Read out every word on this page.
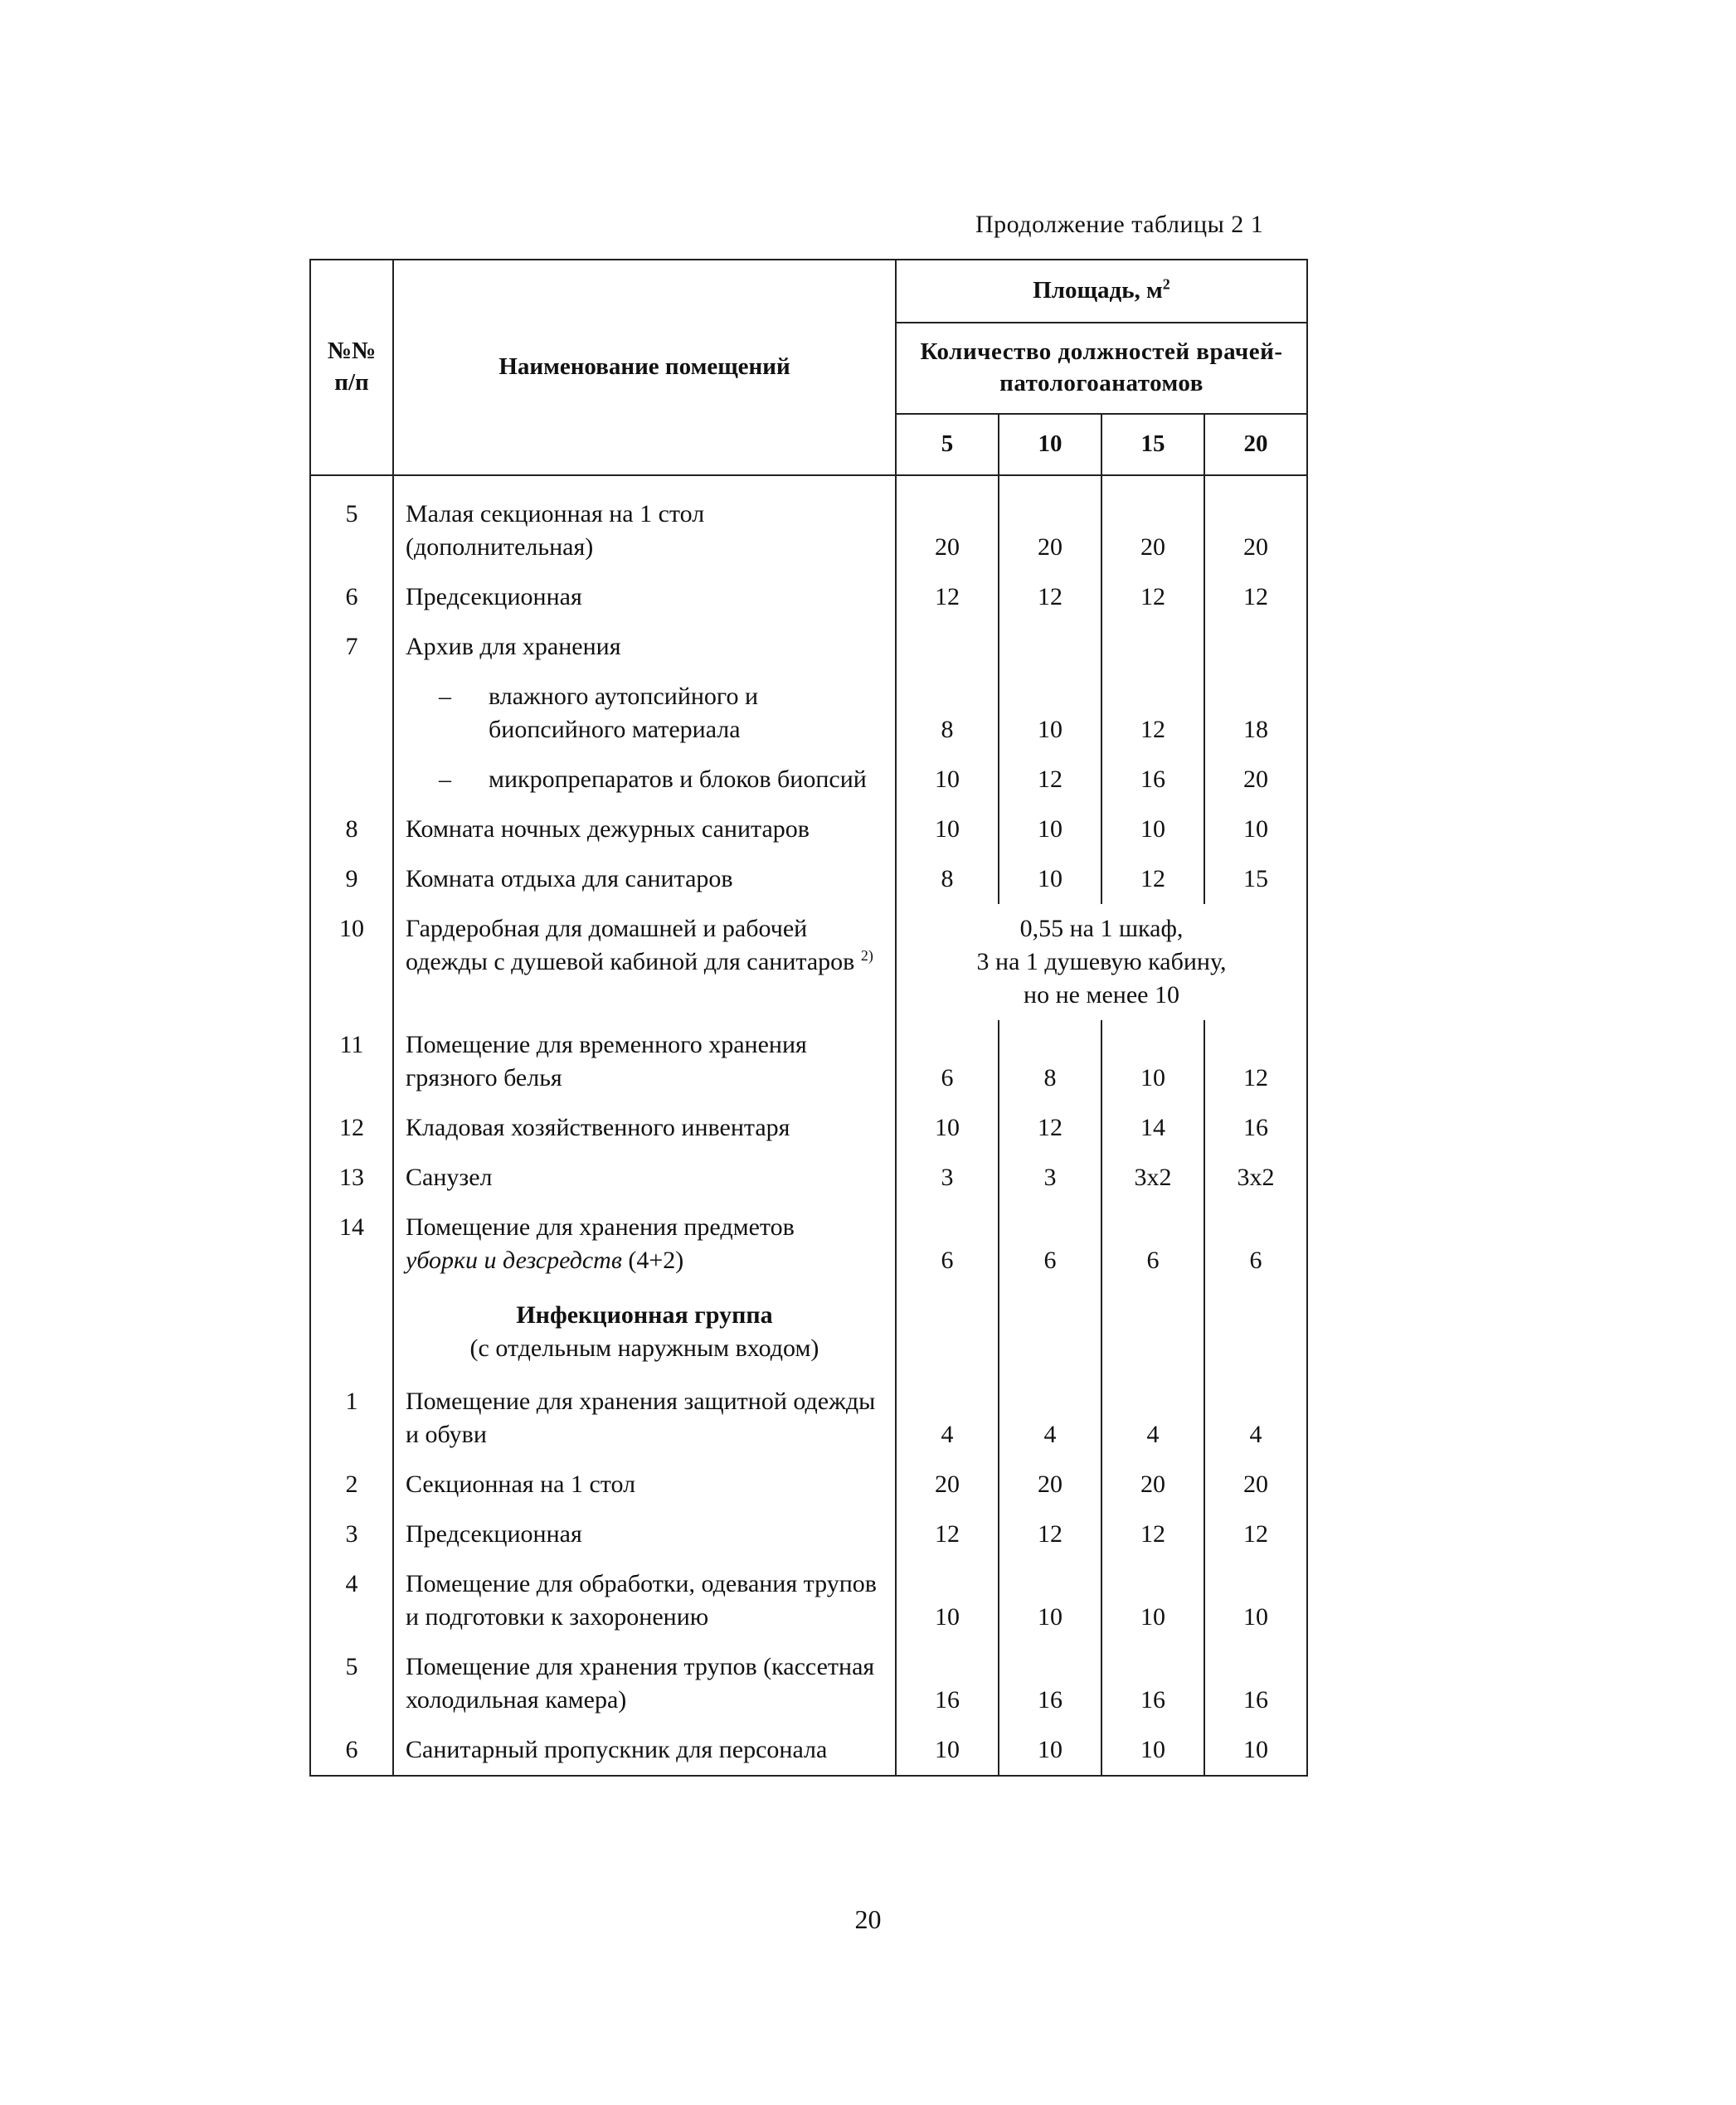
Продолжение таблицы 2 1
№№ п/п	Наименование помещений	Площадь, $м^2$
		Количество должностей врачей-патологоанатомов			
		5	10	15	20

5	Малая секционная на 1 стол (дополнительная)	20	20	20	20
6	Предсекционная	12	12	12	12
7	Архив для хранения				

	– влажного аутопсийного и биопсийного материала	8	10	12	18

	– микропрепаратов и блоков биопсий	10	12	16	20
8	Комната ночных дежурных санитаров	10	10	10	10
9	Комната отдыха для санитаров	8	10	12	15
10	Гардеробная для домашней и рабочей одежды с душевой кабиной для санитаров $^{2)}$	0,55 на 1 шкаф,
3 на 1 душевую кабину,
но не менее 10			
11	Помещение для временного хранения грязного белья	6	8	10	12
12	Кладовая хозяйственного инвентаря	10	12	14	16
13	Санузел	3	3	3x2	3x2
14	Помещение для хранения предметов
уборки и дезсредств (4+2)	6	6	6	6
	Инфекционная группа
(с отдельным наружным входом)				
1	Помещение для хранения защитной одежды и обуви	4	4	4	4
2	Секционная на 1 стол	20	20	20	20
3	Предсекционная	12	12	12	12
4	Помещение для обработки, одевания трупов и подготовки к захоронению	10	10	10	10
5	Помещение для хранения трупов (кассетная холодильная камера)	16	16	16	16
6	Санитарный пропускник для персонала	10	10	10	10
20
